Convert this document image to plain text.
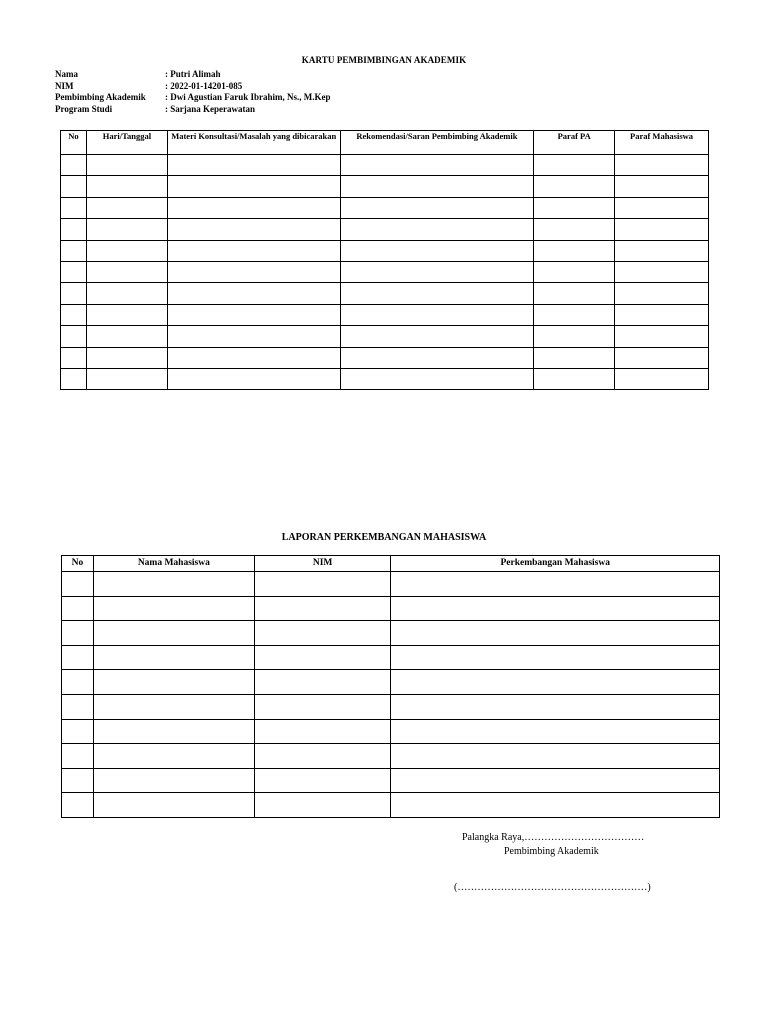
KARTU PEMBIMBINGAN AKADEMIK
Nama	: Putri Alimah
NIM	: 2022-01-14201-085
Pembimbing Akademik	: Dwi Agustian Faruk Ibrahim, Ns., M.Kep
Program Studi	: Sarjana Keperawatan
No	Hari/Tanggal	Materi Konsultasi/Masalah yang dibicarakan	Rekomendasi/Saran Pembimbing Akademik	Paraf PA	Paraf Mahasiswa

LAPORAN PERKEMBANGAN MAHASISWA
No	Nama Mahasiswa	NIM	Perkembangan Mahasiswa

Palangka Raya,………………………………
Pembimbing Akademik
(…………………………………………………)
